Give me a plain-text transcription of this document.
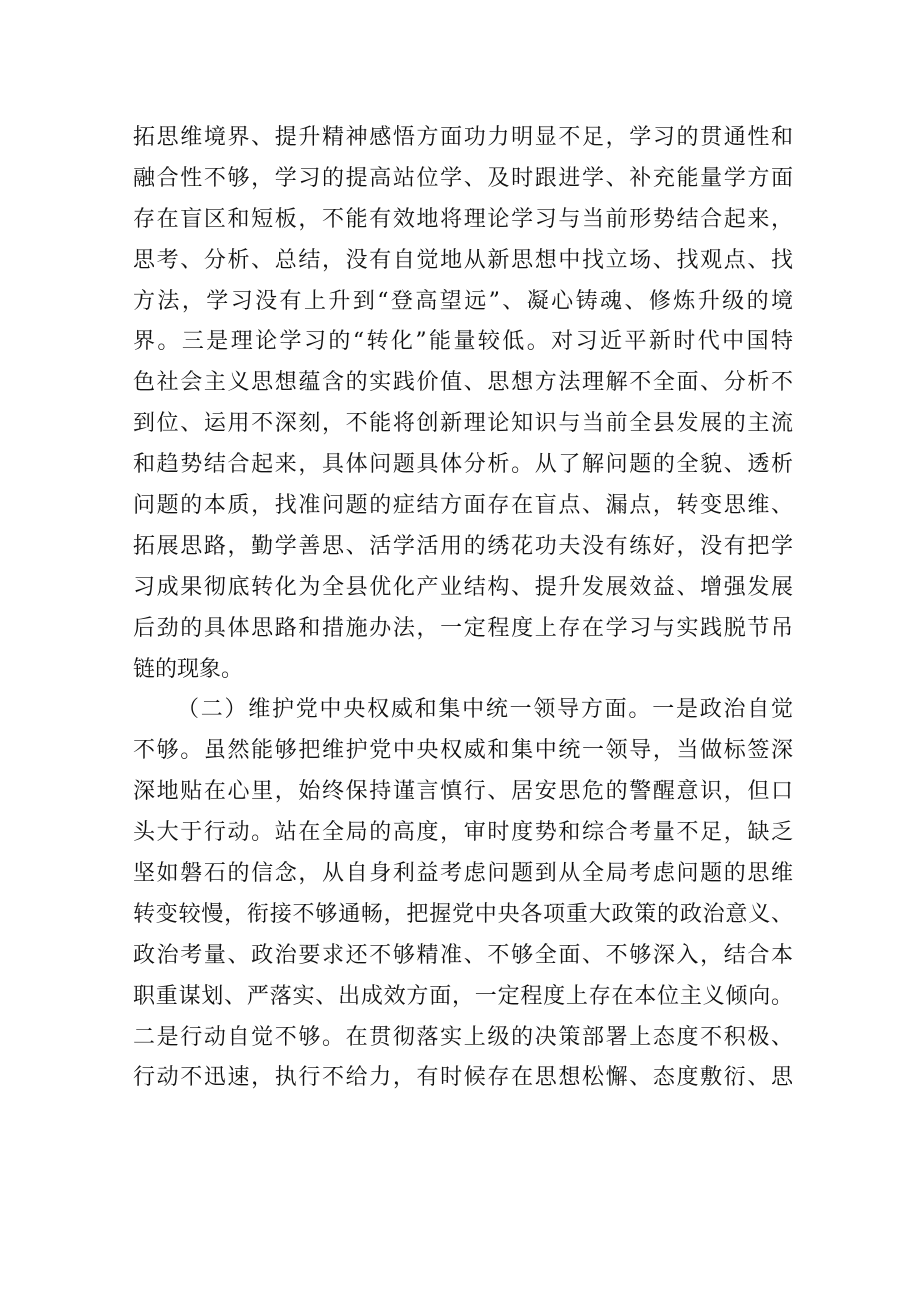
拓思维境界、提升精神感悟方面功力明显不足，学习的贯通性和
融合性不够，学习的提高站位学、及时跟进学、补充能量学方面
存在盲区和短板，不能有效地将理论学习与当前形势结合起来，
思考、分析、总结，没有自觉地从新思想中找立场、找观点、找
方法，学习没有上升到“登高望远”、凝心铸魂、修炼升级的境
界。三是理论学习的“转化”能量较低。对习近平新时代中国特
色社会主义思想蕴含的实践价值、思想方法理解不全面、分析不
到位、运用不深刻，不能将创新理论知识与当前全县发展的主流
和趋势结合起来，具体问题具体分析。从了解问题的全貌、透析
问题的本质，找准问题的症结方面存在盲点、漏点，转变思维、
拓展思路，勤学善思、活学活用的绣花功夫没有练好，没有把学
习成果彻底转化为全县优化产业结构、提升发展效益、增强发展
后劲的具体思路和措施办法，一定程度上存在学习与实践脱节吊
链的现象。
（二）维护党中央权威和集中统一领导方面。一是政治自觉
不够。虽然能够把维护党中央权威和集中统一领导，当做标签深
深地贴在心里，始终保持谨言慎行、居安思危的警醒意识，但口
头大于行动。站在全局的高度，审时度势和综合考量不足，缺乏
坚如磐石的信念，从自身利益考虑问题到从全局考虑问题的思维
转变较慢，衔接不够通畅，把握党中央各项重大政策的政治意义、
政治考量、政治要求还不够精准、不够全面、不够深入，结合本
职重谋划、严落实、出成效方面，一定程度上存在本位主义倾向。
二是行动自觉不够。在贯彻落实上级的决策部署上态度不积极、
行动不迅速，执行不给力，有时候存在思想松懈、态度敷衍、思
